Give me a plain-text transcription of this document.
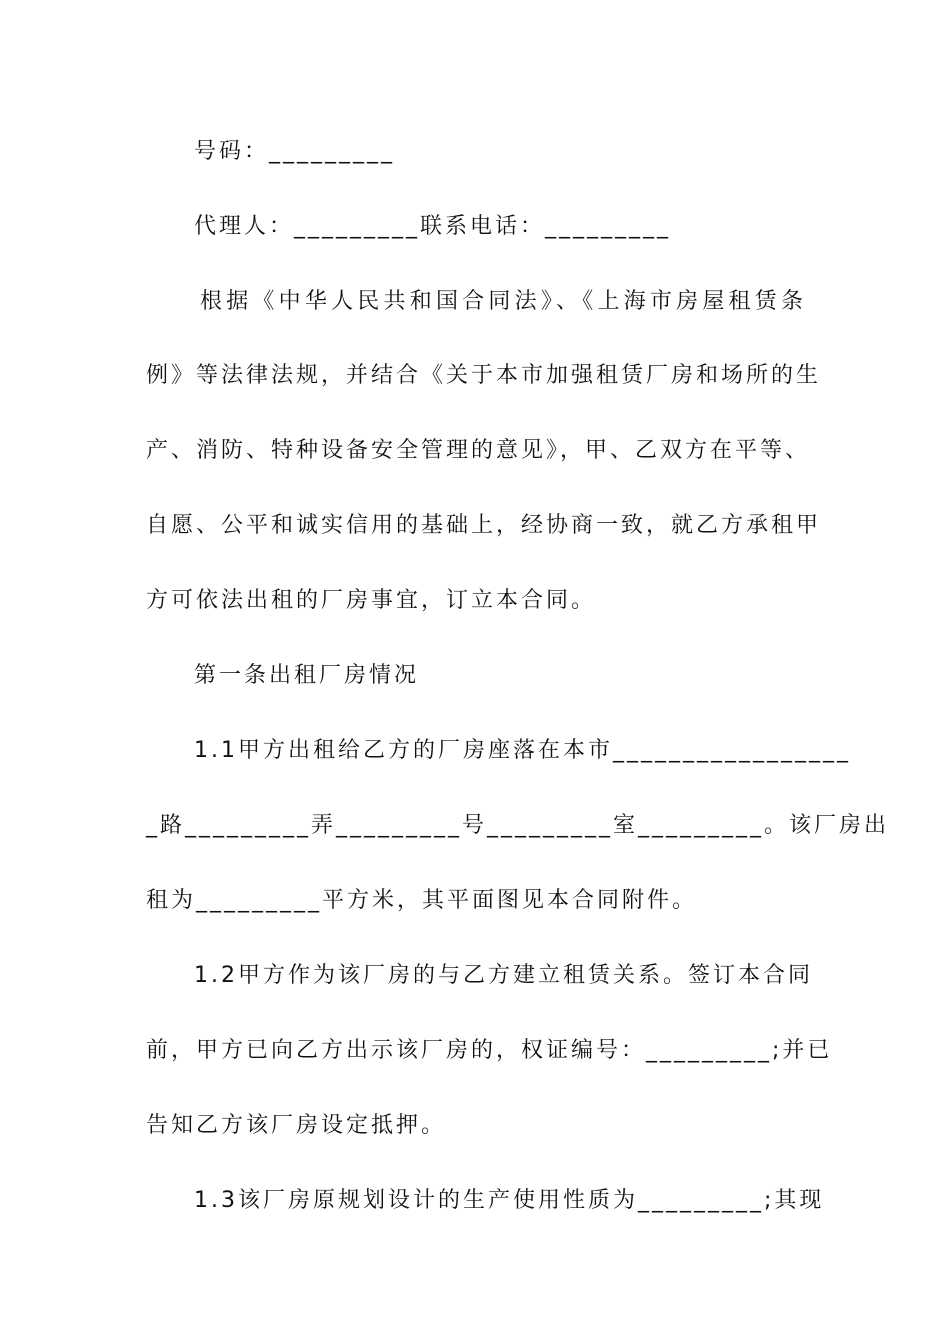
号码：_________
代理人：_________联系电话：_________
根据《中华人民共和国合同法》、《上海市房屋租赁条
例》等法律法规，并结合《关于本市加强租赁厂房和场所的生
产、消防、特种设备安全管理的意见》，甲、乙双方在平等、
自愿、公平和诚实信用的基础上，经协商一致，就乙方承租甲
方可依法出租的厂房事宜，订立本合同。
第一条出租厂房情况
1.1甲方出租给乙方的厂房座落在本市_________________
_路_________弄_________号_________室_________。该厂房出
租为_________平方米，其平面图见本合同附件。
1.2甲方作为该厂房的与乙方建立租赁关系。签订本合同
前，甲方已向乙方出示该厂房的，权证编号：_________;并已
告知乙方该厂房设定抵押。
1.3该厂房原规划设计的生产使用性质为_________;其现
